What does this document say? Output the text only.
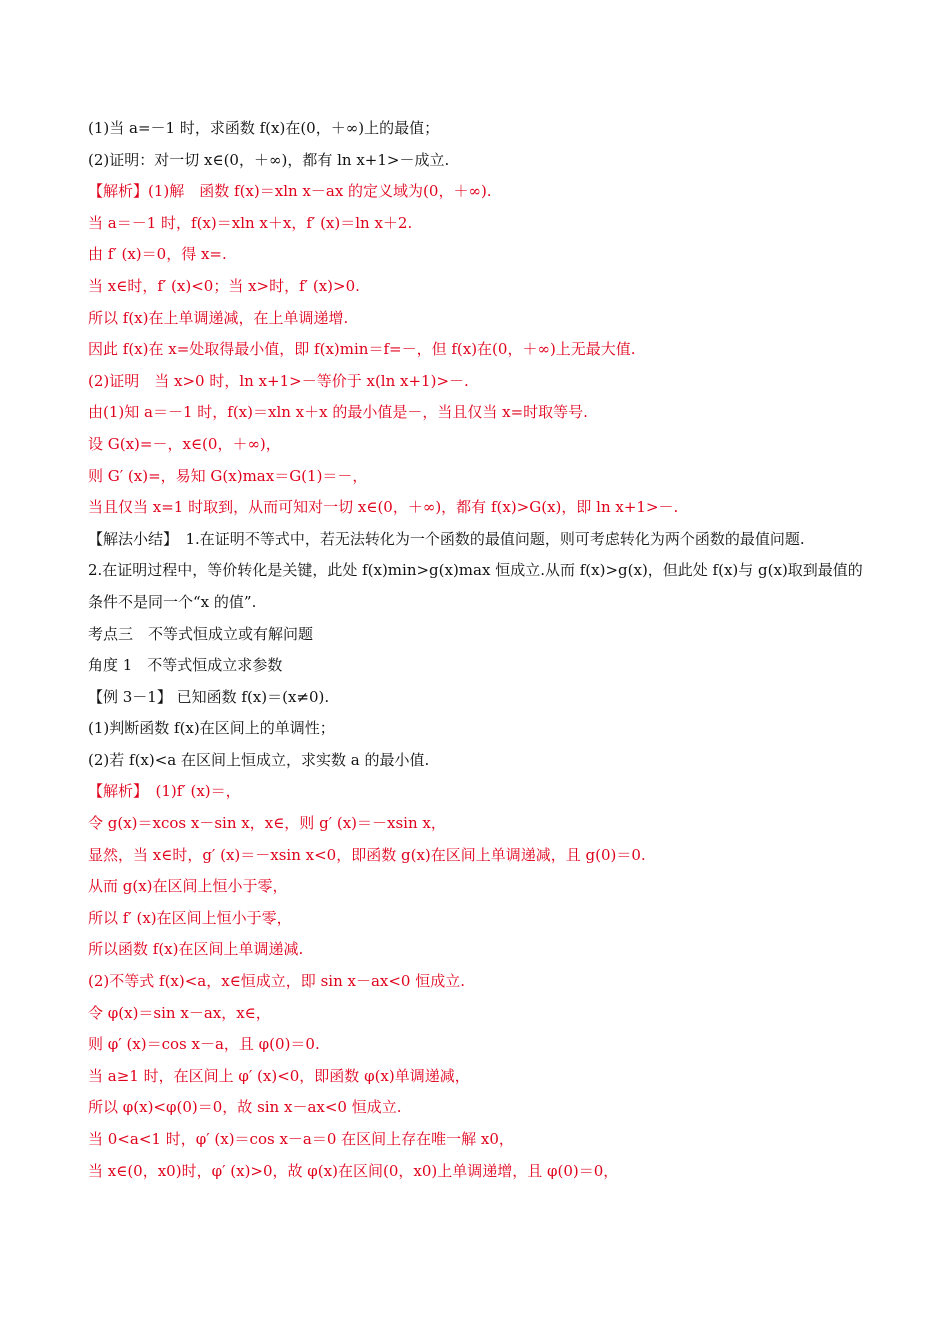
(1)当 a=－1 时，求函数 f(x)在(0，＋∞)上的最值；
(2)证明：对一切 x∈(0，＋∞)，都有 ln x+1>－成立.
【解析】(1)解　函数 f(x)＝xln x－ax 的定义域为(0，＋∞).
当 a＝－1 时，f(x)＝xln x＋x，f′ (x)＝ln x＋2.
由 f′ (x)＝0，得 x=.
当 x∈时，f′ (x)<0；当 x>时，f′ (x)>0.
所以 f(x)在上单调递减，在上单调递增.
因此 f(x)在 x=处取得最小值，即 f(x)min＝f=－，但 f(x)在(0，＋∞)上无最大值.
(2)证明　当 x>0 时，ln x+1>－等价于 x(ln x+1)>－.
由(1)知 a＝－1 时，f(x)＝xln x＋x 的最小值是－，当且仅当 x=时取等号.
设 G(x)=－，x∈(0，＋∞)，
则 G′ (x)=，易知 G(x)max＝G(1)＝－，
当且仅当 x=1 时取到，从而可知对一切 x∈(0，＋∞)，都有 f(x)>G(x)，即 ln x+1>－.
【解法小结】　1.在证明不等式中，若无法转化为一个函数的最值问题，则可考虑转化为两个函数的最值问题.
2.在证明过程中，等价转化是关键，此处 f(x)min>g(x)max 恒成立.从而 f(x)>g(x)，但此处 f(x)与 g(x)取到最值的条件不是同一个“x 的值”.
考点三　不等式恒成立或有解问题
角度 1　不等式恒成立求参数
【例 3－1】 已知函数 f(x)＝(x≠0).
(1)判断函数 f(x)在区间上的单调性；
(2)若 f(x)<a 在区间上恒成立，求实数 a 的最小值.
【解析】　(1)f′ (x)＝，
令 g(x)＝xcos x－sin x，x∈，则 g′ (x)＝－xsin x，
显然，当 x∈时，g′ (x)＝－xsin x<0，即函数 g(x)在区间上单调递减，且 g(0)＝0.
从而 g(x)在区间上恒小于零，
所以 f′ (x)在区间上恒小于零，
所以函数 f(x)在区间上单调递减.
(2)不等式 f(x)<a，x∈恒成立，即 sin x－ax<0 恒成立.
令 φ(x)＝sin x－ax，x∈，
则 φ′ (x)＝cos x－a，且 φ(0)＝0.
当 a≥1 时，在区间上 φ′ (x)<0，即函数 φ(x)单调递减，
所以 φ(x)<φ(0)＝0，故 sin x－ax<0 恒成立.
当 0<a<1 时，φ′ (x)＝cos x－a＝0 在区间上存在唯一解 x0，
当 x∈(0，x0)时，φ′ (x)>0，故 φ(x)在区间(0，x0)上单调递增，且 φ(0)＝0，
